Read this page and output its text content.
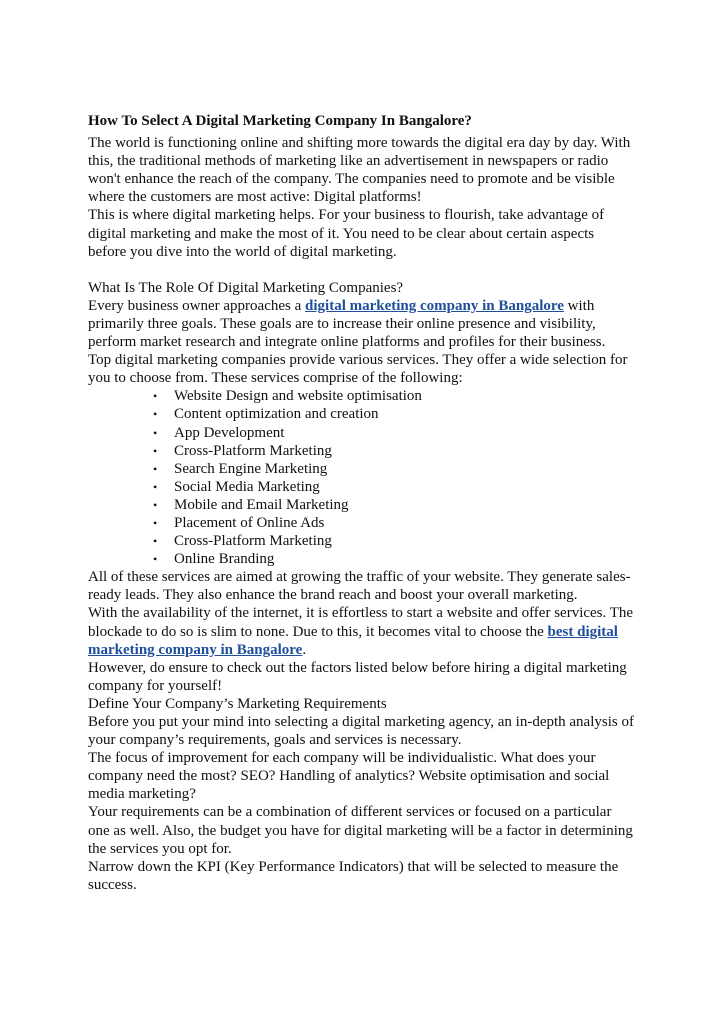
How To Select A Digital Marketing Company In Bangalore?

The world is functioning online and shifting more towards the digital era day by day. With this, the traditional methods of marketing like an advertisement in newspapers or radio won't enhance the reach of the company. The companies need to promote and be visible where the customers are most active: Digital platforms!

This is where digital marketing helps. For your business to flourish, take advantage of digital marketing and make the most of it. You need to be clear about certain aspects before you dive into the world of digital marketing.

What Is The Role Of Digital Marketing Companies?

Every business owner approaches a digital marketing company in Bangalore with primarily three goals. These goals are to increase their online presence and visibility, perform market research and integrate online platforms and profiles for their business.

Top digital marketing companies provide various services. They offer a wide selection for you to choose from. These services comprise of the following:

• Website Design and website optimisation
• Content optimization and creation
• App Development
• Cross-Platform Marketing
• Search Engine Marketing
• Social Media Marketing
• Mobile and Email Marketing
• Placement of Online Ads
• Cross-Platform Marketing
• Online Branding

All of these services are aimed at growing the traffic of your website. They generate sales-ready leads. They also enhance the brand reach and boost your overall marketing.

With the availability of the internet, it is effortless to start a website and offer services. The blockade to do so is slim to none. Due to this, it becomes vital to choose the best digital marketing company in Bangalore.

However, do ensure to check out the factors listed below before hiring a digital marketing company for yourself!

Define Your Company’s Marketing Requirements

Before you put your mind into selecting a digital marketing agency, an in-depth analysis of your company’s requirements, goals and services is necessary.

The focus of improvement for each company will be individualistic. What does your company need the most? SEO? Handling of analytics? Website optimisation and social media marketing?

Your requirements can be a combination of different services or focused on a particular one as well. Also, the budget you have for digital marketing will be a factor in determining the services you opt for.

Narrow down the KPI (Key Performance Indicators) that will be selected to measure the success.
